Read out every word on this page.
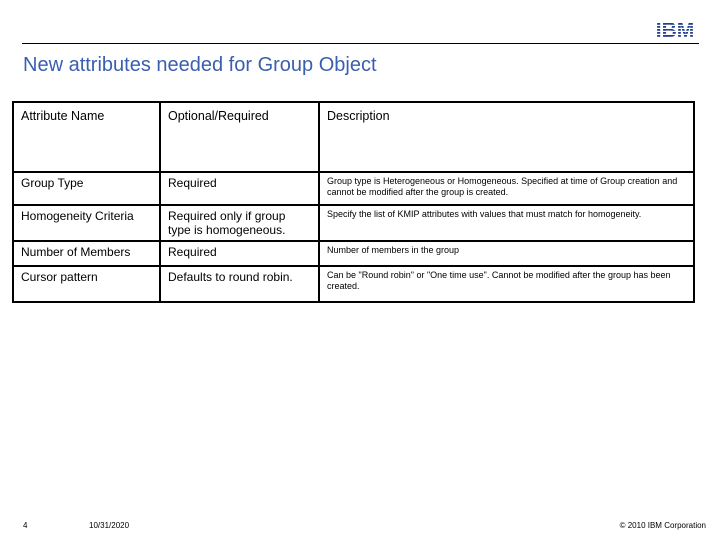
IBM
New attributes needed for Group Object
Attribute Name	Optional/Required	Description
Group Type	Required	Group type is Heterogeneous or Homogeneous. Specified at time of Group creation and cannot be modified after the group is created.
Homogeneity Criteria	Required only if group type is homogeneous.	Specify the list of KMIP attributes with values that must match for homogeneity.
Number of Members	Required	Number of members in the group
Cursor pattern	Defaults to round robin.	Can be "Round robin" or "One time use". Cannot be modified after the group has been created.
4	10/31/2020	© 2010 IBM Corporation
